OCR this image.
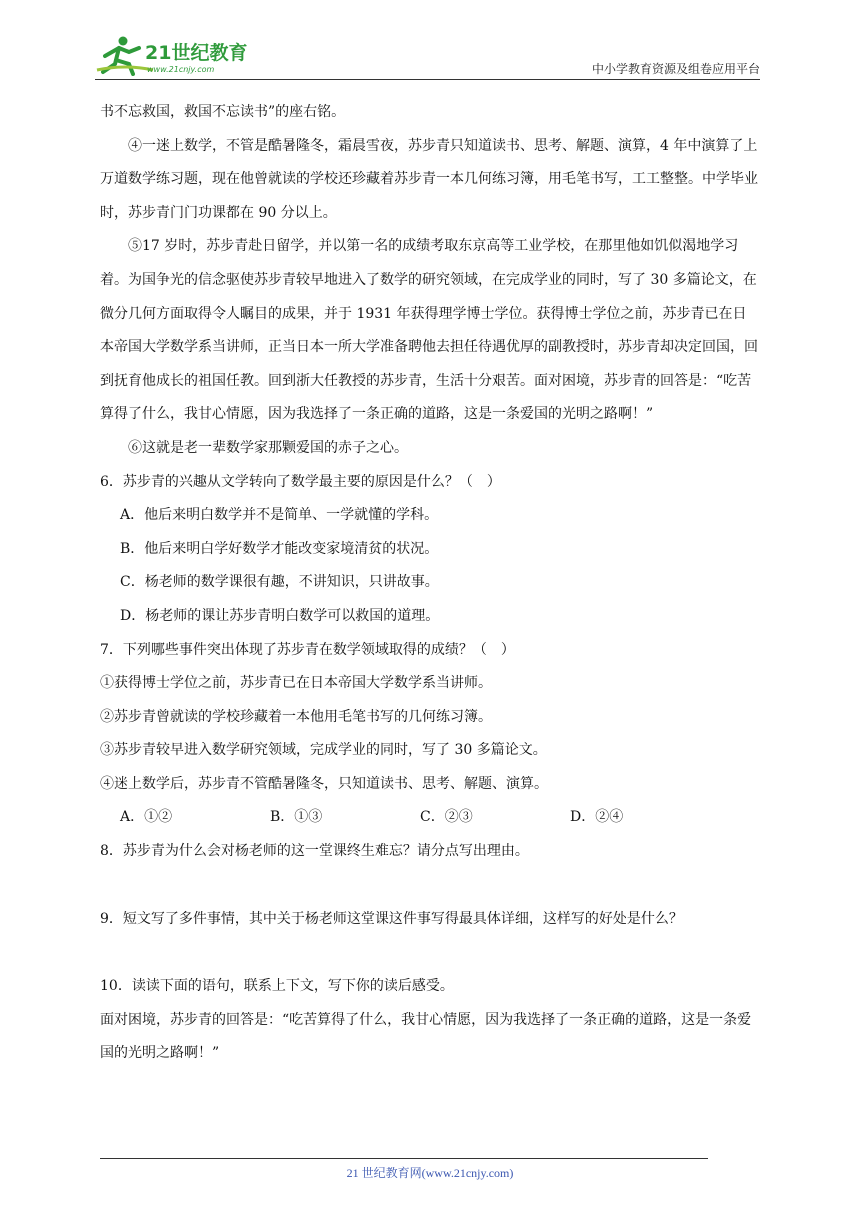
21世纪教育
www.21cnjy.com	中小学教育资源及组卷应用平台

书不忘救国，救国不忘读书”的座右铭。

④一迷上数学，不管是酷暑隆冬，霜晨雪夜，苏步青只知道读书、思考、解题、演算，4 年中演算了上万道数学练习题，现在他曾就读的学校还珍藏着苏步青一本几何练习簿，用毛笔书写，工工整整。中学毕业时，苏步青门门功课都在 90 分以上。

⑤17 岁时，苏步青赴日留学，并以第一名的成绩考取东京高等工业学校，在那里他如饥似渴地学习着。为国争光的信念驱使苏步青较早地进入了数学的研究领域，在完成学业的同时，写了 30 多篇论文，在微分几何方面取得令人瞩目的成果，并于 1931 年获得理学博士学位。获得博士学位之前，苏步青已在日本帝国大学数学系当讲师，正当日本一所大学准备聘他去担任待遇优厚的副教授时，苏步青却决定回国，回到抚育他成长的祖国任教。回到浙大任教授的苏步青，生活十分艰苦。面对困境，苏步青的回答是：“吃苦算得了什么，我甘心情愿，因为我选择了一条正确的道路，这是一条爱国的光明之路啊！”

⑥这就是老一辈数学家那颗爱国的赤子之心。

6．苏步青的兴趣从文学转向了数学最主要的原因是什么？（　）

A．他后来明白数学并不是简单、一学就懂的学科。

B．他后来明白学好数学才能改变家境清贫的状况。

C．杨老师的数学课很有趣，不讲知识，只讲故事。

D．杨老师的课让苏步青明白数学可以救国的道理。

7．下列哪些事件突出体现了苏步青在数学领域取得的成绩？（　）

①获得博士学位之前，苏步青已在日本帝国大学数学系当讲师。

②苏步青曾就读的学校珍藏着一本他用毛笔书写的几何练习簿。

③苏步青较早进入数学研究领域，完成学业的同时，写了 30 多篇论文。

④迷上数学后，苏步青不管酷暑隆冬，只知道读书、思考、解题、演算。

A．①②	B．①③	C．②③	D．②④

8．苏步青为什么会对杨老师的这一堂课终生难忘？请分点写出理由。

9．短文写了多件事情，其中关于杨老师这堂课这件事写得最具体详细，这样写的好处是什么？

10．读读下面的语句，联系上下文，写下你的读后感受。

面对困境，苏步青的回答是：“吃苦算得了什么，我甘心情愿，因为我选择了一条正确的道路，这是一条爱国的光明之路啊！”

21 世纪教育网(www.21cnjy.com)
